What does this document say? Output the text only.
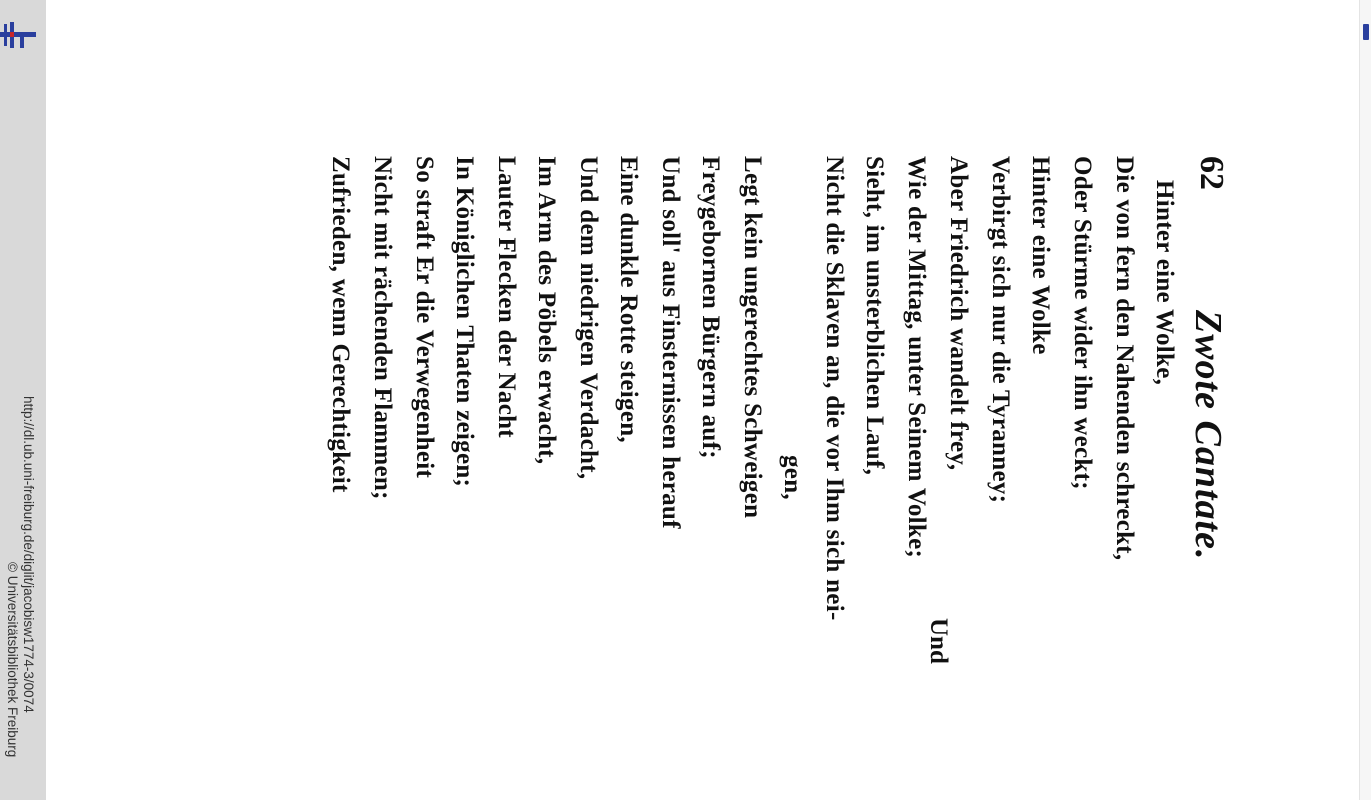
http://dl.ub.uni-freiburg.de/diglit/jacobisw1774-3/0074
© Universitätsbibliothek Freiburg
62
Zwote Cantate.
Hinter eine Wolke,
Die von fern den Nahenden schreckt,
Oder Stürme wider ihn weckt;
Hinter eine Wolke
Verbirgt sich nur die Tyranney;
Aber Friedrich wandelt frey,
Wie der Mittag, unter Seinem Volke;
Sieht, im unsterblichen Lauf,
Nicht die Sklaven an, die vor Ihm sich nei-
gen,
Legt kein ungerechtes Schweigen
Freygebornen Bürgern auf;
Und soll' aus Finsternissen herauf
Eine dunkle Rotte steigen,
Und dem niedrigen Verdacht,
Im Arm des Pöbels erwacht,
Lauter Flecken der Nacht
In Königlichen Thaten zeigen;
So straft Er die Verwegenheit
Nicht mit rächenden Flammen;
Zufrieden, wenn Gerechtigkeit
Und
